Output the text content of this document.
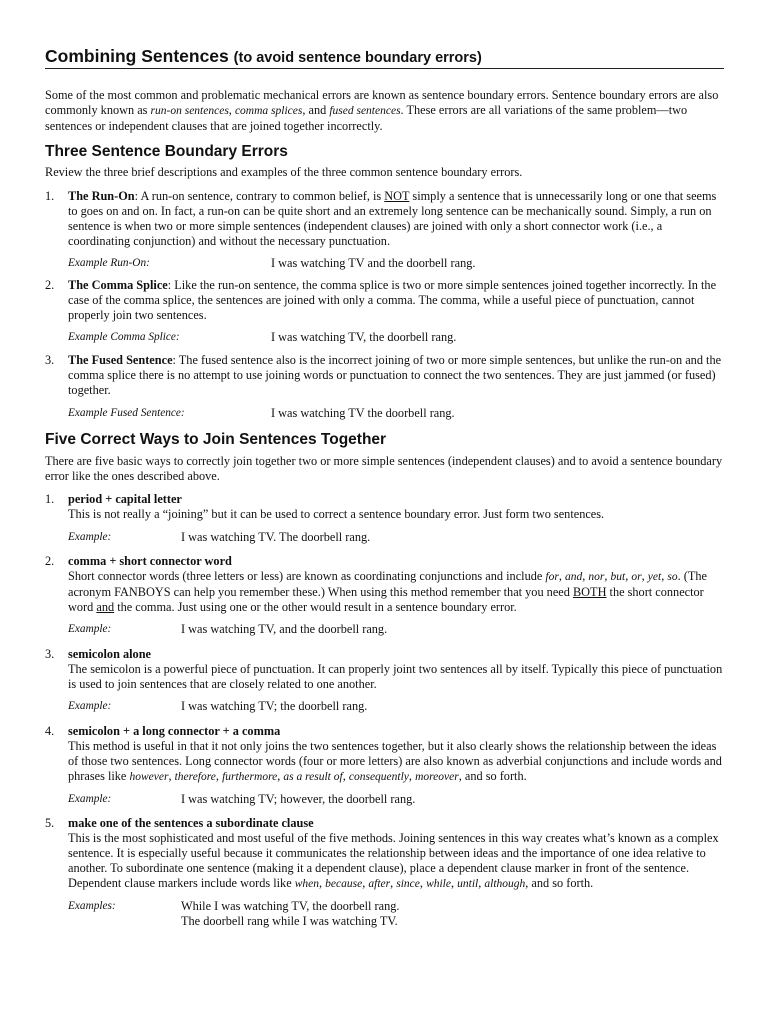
Combining Sentences (to avoid sentence boundary errors)

Some of the most common and problematic mechanical errors are known as sentence boundary errors. Sentence boundary errors are also commonly known as run-on sentences, comma splices, and fused sentences. These errors are all variations of the same problem—two sentences or independent clauses that are joined together incorrectly.

Three Sentence Boundary Errors

Review the three brief descriptions and examples of the three common sentence boundary errors.

1. The Run-On: A run-on sentence, contrary to common belief, is NOT simply a sentence that is unnecessarily long or one that seems to goes on and on. In fact, a run-on can be quite short and an extremely long sentence can be mechanically sound. Simply, a run on sentence is when two or more simple sentences (independent clauses) are joined with only a short connector work (i.e., a coordinating conjunction) and without the necessary punctuation.

Example Run-On:	I was watching TV and the doorbell rang.
2. The Comma Splice: Like the run-on sentence, the comma splice is two or more simple sentences joined together incorrectly. In the case of the comma splice, the sentences are joined with only a comma. The comma, while a useful piece of punctuation, cannot properly join two sentences.

Example Comma Splice:	I was watching TV, the doorbell rang.
3. The Fused Sentence: The fused sentence also is the incorrect joining of two or more simple sentences, but unlike the run-on and the comma splice there is no attempt to use joining words or punctuation to connect the two sentences. They are just jammed (or fused) together.

Example Fused Sentence:	I was watching TV the doorbell rang.
Five Correct Ways to Join Sentences Together

There are five basic ways to correctly join together two or more simple sentences (independent clauses) and to avoid a sentence boundary error like the ones described above.

1. period + capital letter
This is not really a “joining” but it can be used to correct a sentence boundary error. Just form two sentences.

Example:	I was watching TV. The doorbell rang.
2. comma + short connector word
Short connector words (three letters or less) are known as coordinating conjunctions and include for, and, nor, but, or, yet, so. (The acronym FANBOYS can help you remember these.) When using this method remember that you need BOTH the short connector word and the comma. Just using one or the other would result in a sentence boundary error.

Example:	I was watching TV, and the doorbell rang.
3. semicolon alone
The semicolon is a powerful piece of punctuation. It can properly joint two sentences all by itself. Typically this piece of punctuation is used to join sentences that are closely related to one another.

Example:	I was watching TV; the doorbell rang.
4. semicolon + a long connector + a comma
This method is useful in that it not only joins the two sentences together, but it also clearly shows the relationship between the ideas of those two sentences. Long connector words (four or more letters) are also known as adverbial conjunctions and include words and phrases like however, therefore, furthermore, as a result of, consequently, moreover, and so forth.

Example:	I was watching TV; however, the doorbell rang.
5. make one of the sentences a subordinate clause
This is the most sophisticated and most useful of the five methods. Joining sentences in this way creates what’s known as a complex sentence. It is especially useful because it communicates the relationship between ideas and the importance of one idea relative to another. To subordinate one sentence (making it a dependent clause), place a dependent clause marker in front of the sentence. Dependent clause markers include words like when, because, after, since, while, until, although, and so forth.

Examples:	While I was watching TV, the doorbell rang.
The doorbell rang while I was watching TV.
